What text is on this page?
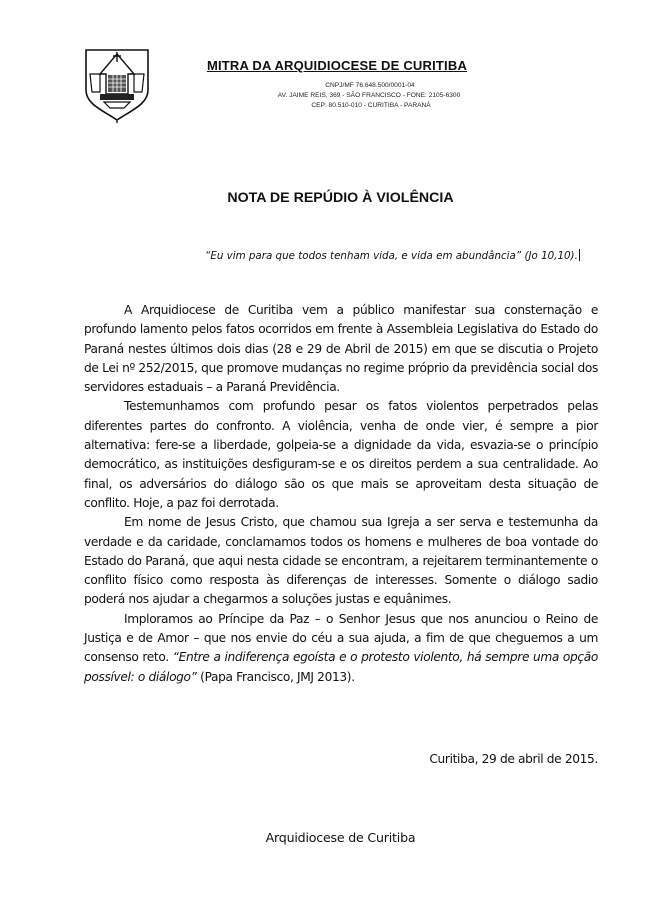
MITRA DA ARQUIDIOCESE DE CURITIBA
CNPJ/MF 76.648.500/0001-04
AV. JAIME REIS, 369 - SÃO FRANCISCO - FONE: 2105-6300
CEP: 80.510-010 - CURITIBA - PARANÁ
NOTA DE REPÚDIO À VIOLÊNCIA
“Eu vim para que todos tenham vida, e vida em abundância” (Jo 10,10).

A Arquidiocese de Curitiba vem a público manifestar sua consternação e profundo lamento pelos fatos ocorridos em frente à Assembleia Legislativa do Estado do Paraná nestes últimos dois dias (28 e 29 de Abril de 2015) em que se discutia o Projeto de Lei nº 252/2015, que promove mudanças no regime próprio da previdência social dos servidores estaduais – a Paraná Previdência.

Testemunhamos com profundo pesar os fatos violentos perpetrados pelas diferentes partes do confronto. A violência, venha de onde vier, é sempre a pior alternativa: fere-se a liberdade, golpeia-se a dignidade da vida, esvazia-se o princípio democrático, as instituições desfiguram-se e os direitos perdem a sua centralidade. Ao final, os adversários do diálogo são os que mais se aproveitam desta situação de conflito. Hoje, a paz foi derrotada.

Em nome de Jesus Cristo, que chamou sua Igreja a ser serva e testemunha da verdade e da caridade, conclamamos todos os homens e mulheres de boa vontade do Estado do Paraná, que aqui nesta cidade se encontram, a rejeitarem terminantemente o conflito físico como resposta às diferenças de interesses. Somente o diálogo sadio poderá nos ajudar a chegarmos a soluções justas e equânimes.

Imploramos ao Príncipe da Paz – o Senhor Jesus que nos anunciou o Reino de Justiça e de Amor – que nos envie do céu a sua ajuda, a fim de que cheguemos a um consenso reto. “Entre a indiferença egoísta e o protesto violento, há sempre uma opção possível: o diálogo” (Papa Francisco, JMJ 2013).

Curitiba, 29 de abril de 2015.
Arquidiocese de Curitiba
